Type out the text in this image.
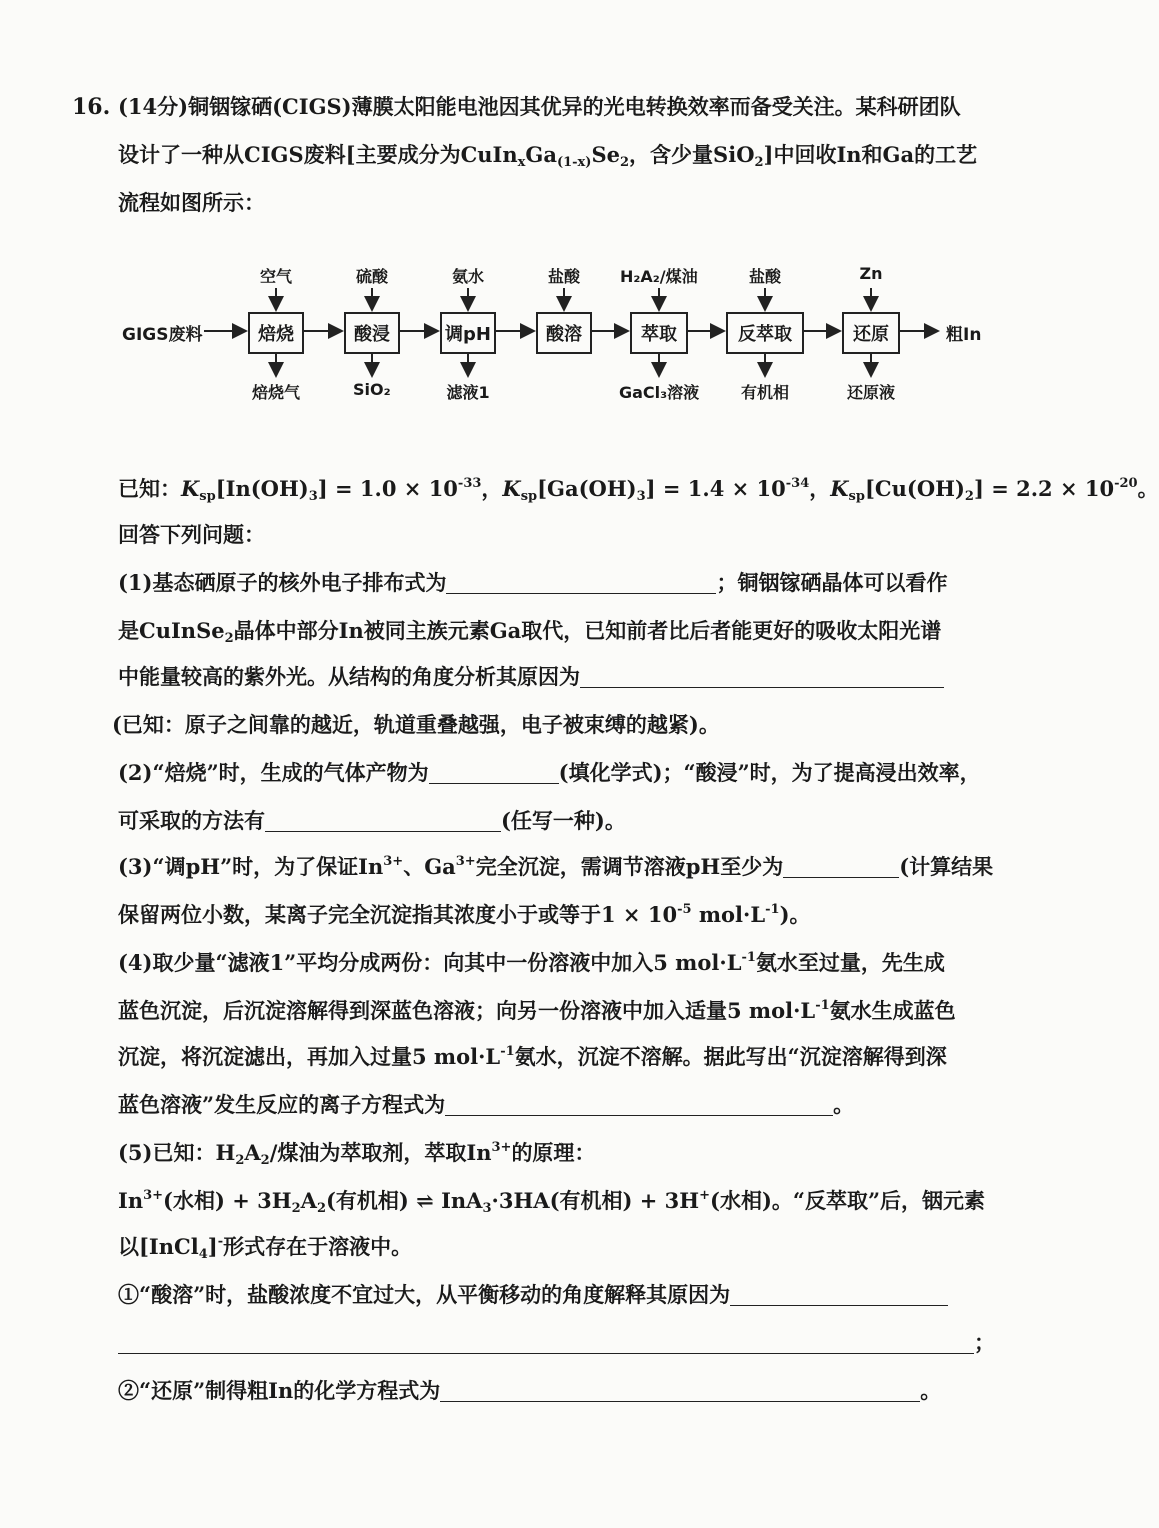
16. (14分)铜铟镓硒(CIGS)薄膜太阳能电池因其优异的光电转换效率而备受关注。某科研团队
设计了一种从CIGS废料[主要成分为$CuIn_xGa_{(1-x)}Se_2$，含少量SiO$_2$]中回收In和Ga的工艺
流程如图所示：
GIGS废料	粗In
焙烧
空气
焙烧气
酸浸
硫酸
SiO₂
调pH
氨水
滤液1
酸溶
盐酸
萃取
H₂A₂/煤油
GaCl₃溶液
反萃取
盐酸
有机相
还原
Zn
还原液
已知：$K_{sp}[In(OH)_3] = 1.0 \times 10^{-33}$，$K_{sp}[Ga(OH)_3] = 1.4 \times 10^{-34}$，$K_{sp}[Cu(OH)_2] = 2.2 \times 10^{-20}$。
回答下列问题：
(1)基态硒原子的核外电子排布式为	；铜铟镓硒晶体可以看作
是CuInSe$_2$晶体中部分In被同主族元素Ga取代，已知前者比后者能更好的吸收太阳光谱
中能量较高的紫外光。从结构的角度分析其原因为
(已知：原子之间靠的越近，轨道重叠越强，电子被束缚的越紧)。
(2)“焙烧”时，生成的气体产物为	(填化学式)；“酸浸”时，为了提高浸出效率，
可采取的方法有	(任写一种)。
(3)“调pH”时，为了保证$In^{3+}$、$Ga^{3+}$完全沉淀，需调节溶液pH至少为	(计算结果
保留两位小数，某离子完全沉淀指其浓度小于或等于$1 \times 10^{-5}$ $mol\cdot L^{-1}$)。
(4)取少量“滤液1”平均分成两份：向其中一份溶液中加入5 $mol\cdot L^{-1}$氨水至过量，先生成
蓝色沉淀，后沉淀溶解得到深蓝色溶液；向另一份溶液中加入适量5 $mol\cdot L^{-1}$氨水生成蓝色
沉淀，将沉淀滤出，再加入过量5 $mol\cdot L^{-1}$氨水，沉淀不溶解。据此写出“沉淀溶解得到深
蓝色溶液”发生反应的离子方程式为	。
(5)已知：$H_2A_2/$煤油为萃取剂，萃取$In^{3+}$的原理：
$In^{3+}$(水相) + $3H_2A_2$(有机相) ⇌ InA$_3$·3HA(有机相) + 3H+(水相)。“反萃取”后，铟元素
以[InCl$_4$]-形式存在于溶液中。
①“酸溶”时，盐酸浓度不宜过大，从平衡移动的角度解释其原因为
；
②“还原”制得粗In的化学方程式为	。
